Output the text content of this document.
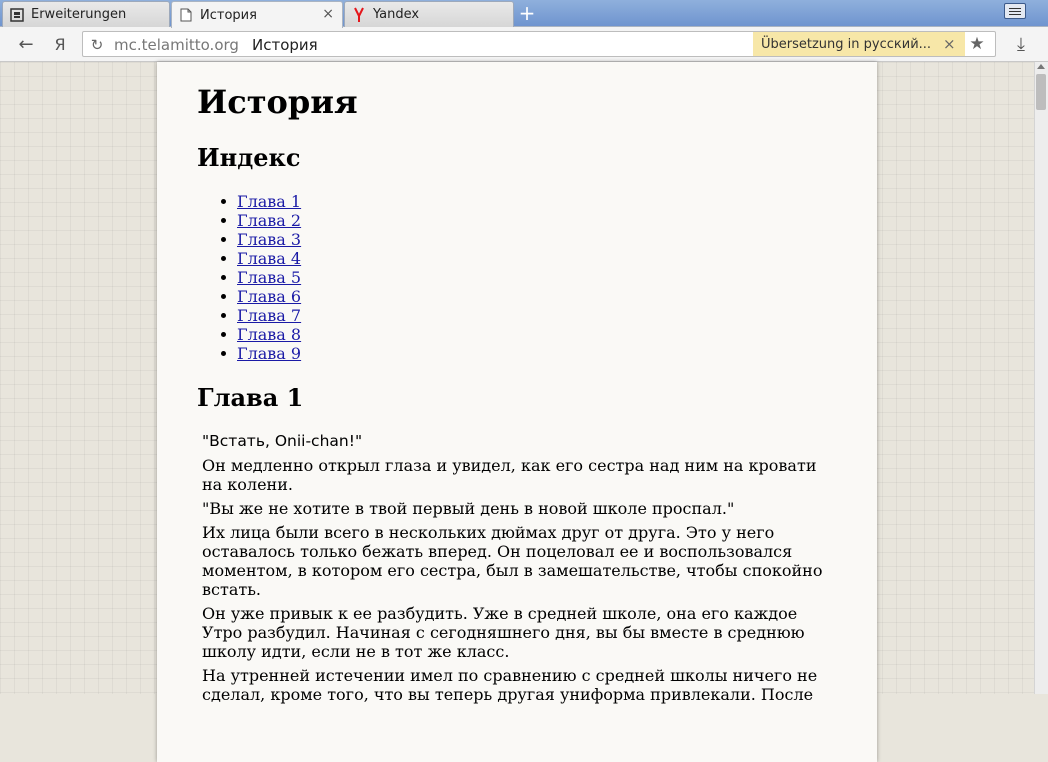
Erweiterungen	История	×	Yandex	+
←	Я	↻ mc.telamitto.org История	Übersetzung in русский... × ★	⤓
История
Индекс
Глава 1
Глава 2
Глава 3
Глава 4
Глава 5
Глава 6
Глава 7
Глава 8
Глава 9
Глава 1

"Встать, Onii-chan!"

Он медленно открыл глаза и увидел, как его сестра над ним на кровати на колени.

"Вы же не хотите в твой первый день в новой школе проспал."

Их лица были всего в нескольких дюймах друг от друга. Это у него оставалось только бежать вперед. Он поцеловал ее и воспользовался моментом, в котором его сестра, был в замешательстве, чтобы спокойно встать.

Он уже привык к ее разбудить. Уже в средней школе, она его каждое Утро разбудил. Начиная с сегодняшнего дня, вы бы вместе в среднюю школу идти, если не в тот же класс.

На утренней истечении имел по сравнению с средней школы ничего не сделал, кроме того, что вы теперь другая униформа привлекали. После
